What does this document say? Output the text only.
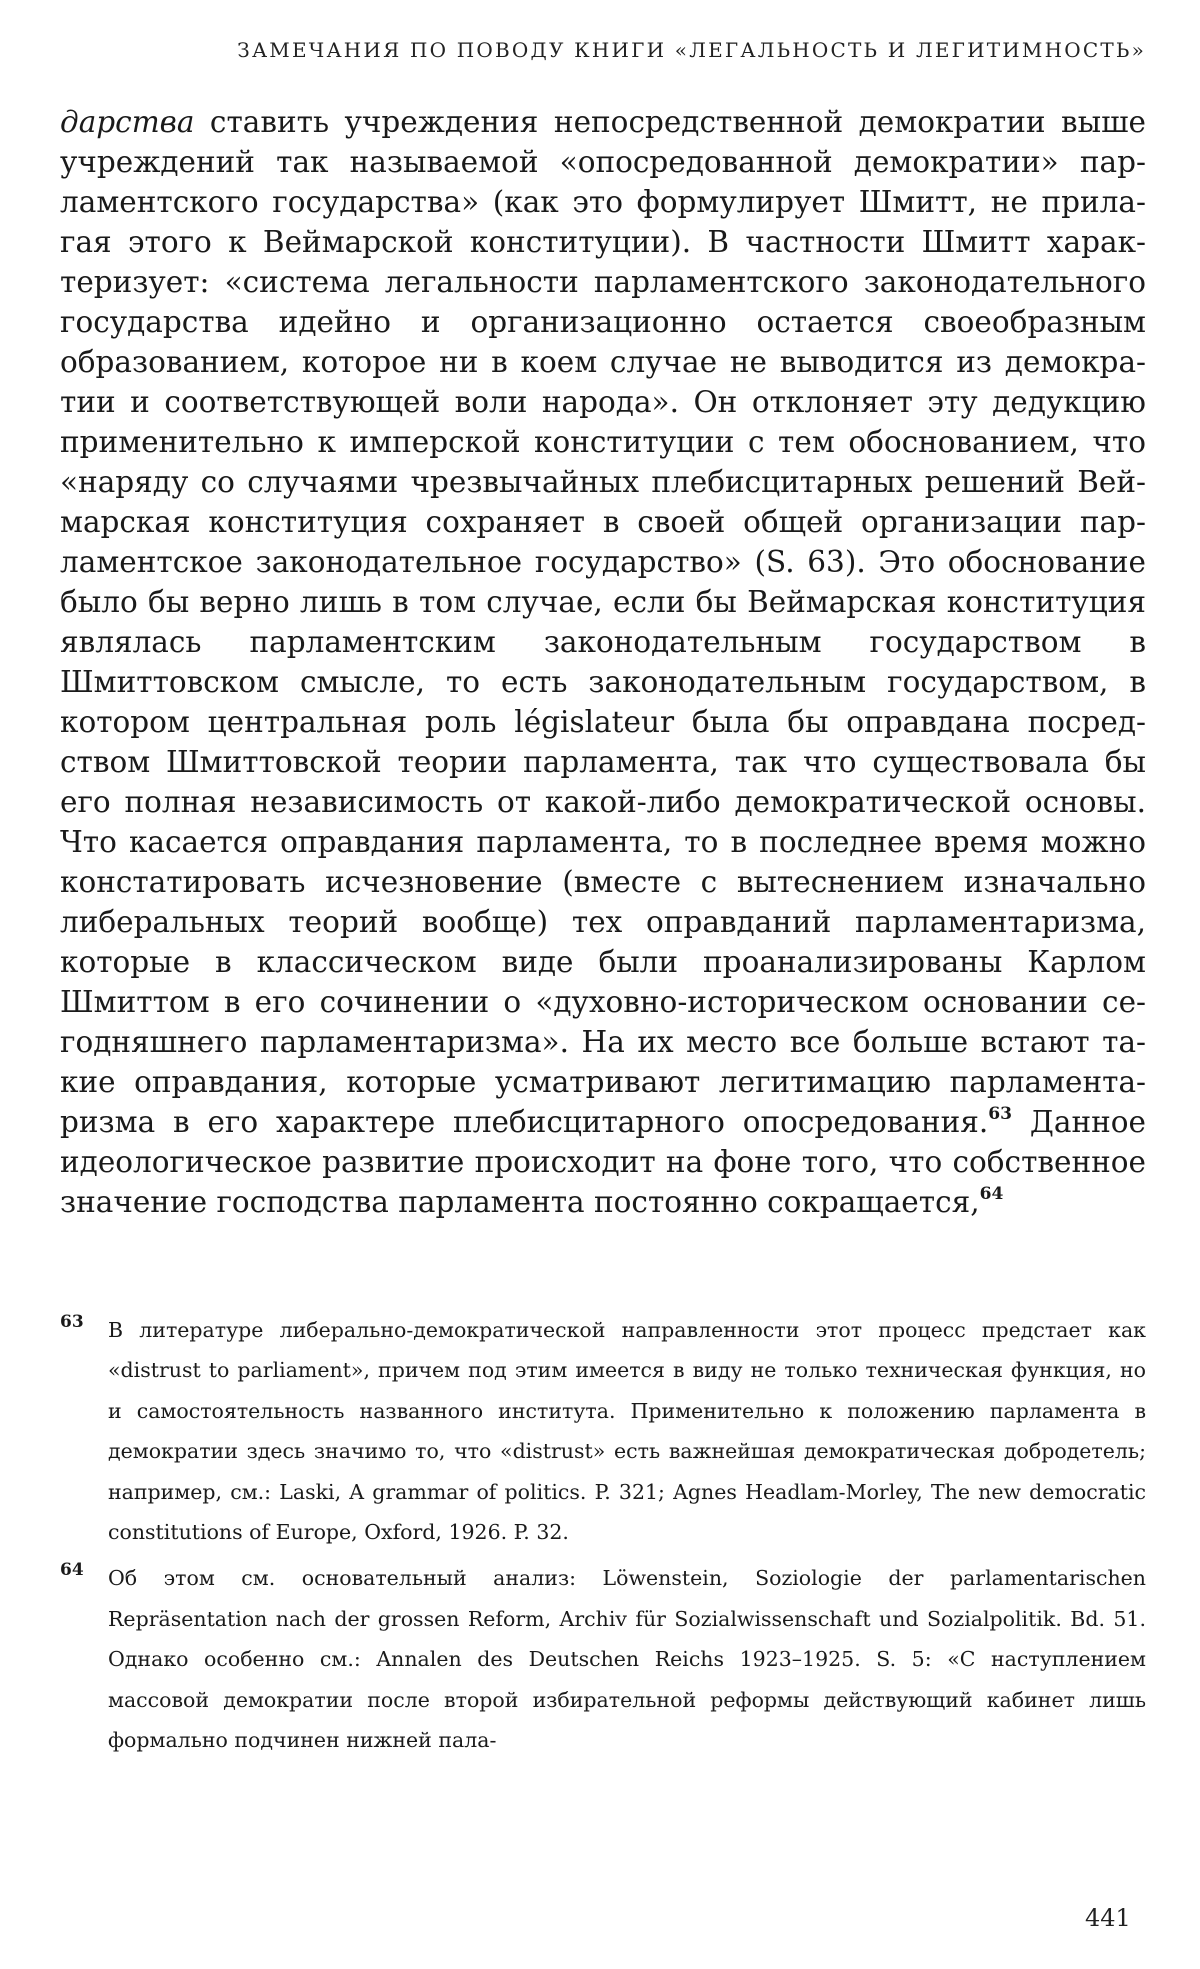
ЗАМЕЧАНИЯ ПО ПОВОДУ КНИГИ «ЛЕГАЛЬНОСТЬ И ЛЕГИТИМНОСТЬ»

дарства ставить учреждения непосредственной демократии выше учреждений так называемой «опосредованной демократии» парламентского государства» (как это формулирует Шмитт, не прилагая этого к Веймарской конституции). В частности Шмитт характеризует: «система легальности парламентского законодательного государства идейно и организационно остается своеобразным образованием, которое ни в коем случае не выводится из демократии и соответствующей воли народа». Он отклоняет эту дедукцию применительно к имперской конституции с тем обоснованием, что «наряду со случаями чрезвычайных плебисцитарных решений Веймарская конституция сохраняет в своей общей организации парламентское законодательное государство» (S. 63). Это обоснование было бы верно лишь в том случае, если бы Веймарская конституция являлась парламентским законодательным государством в Шмиттовском смысле, то есть законодательным государством, в котором центральная роль législateur была бы оправдана посредством Шмиттовской теории парламента, так что существовала бы его полная независимость от какой-либо демократической основы. Что касается оправдания парламента, то в последнее время можно констатировать исчезновение (вместе с вытеснением изначально либеральных теорий вообще) тех оправданий парламентаризма, которые в классическом виде были проанализированы Карлом Шмиттом в его сочинении о «духовно-историческом основании сегодняшнего парламентаризма». На их место все больше встают такие оправдания, которые усматривают легитимацию парламентаризма в его характере плебисцитарного опосредования.$^{63}$ Данное идеологическое развитие происходит на фоне того, что собственное значение господства парламента постоянно сокращается,$^{64}$

63 В литературе либерально-демократической направленности этот процесс предстает как «distrust to parliament», причем под этим имеется в виду не только техническая функция, но и самостоятельность названного института. Применительно к положению парламента в демократии здесь значимо то, что «distrust» есть важнейшая демократическая добродетель; например, см.: Laski, A grammar of politics. P. 321; Agnes Headlam-Morley, The new democratic constitutions of Europe, Oxford, 1926. P. 32.

64 Об этом см. основательный анализ: Löwenstein, Soziologie der parlamentarischen Repräsentation nach der grossen Reform, Archiv für Sozialwissenschaft und Sozialpolitik. Bd. 51. Однако особенно см.: Annalen des Deutschen Reichs 1923–1925. S. 5: «С наступлением массовой демократии после второй избирательной реформы действующий кабинет лишь формально подчинен нижней пала-

441
